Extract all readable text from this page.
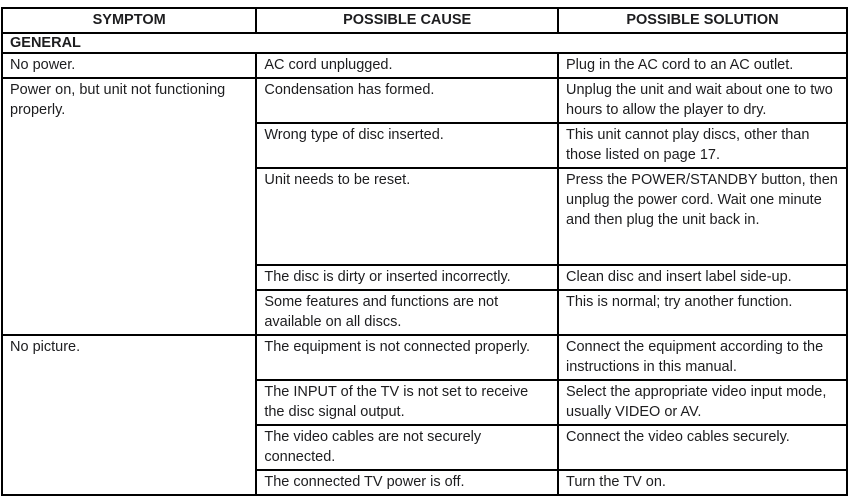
SYMPTOM	POSSIBLE CAUSE	POSSIBLE SOLUTION
GENERAL		
No power.	AC cord unplugged.	Plug in the AC cord to an AC outlet.
Power on, but unit not functioning properly.	Condensation has formed.	Unplug the unit and wait about one to two hours to allow the player to dry.
	Wrong type of disc inserted.	This unit cannot play discs, other than those listed on page 17.
	Unit needs to be reset.	Press the POWER/STANDBY button, then unplug the power cord. Wait one minute and then plug the unit back in.
	The disc is dirty or inserted incorrectly.	Clean disc and insert label side-up.
	Some features and functions are not available on all discs.	This is normal; try another function.
No picture.	The equipment is not connected properly.	Connect the equipment according to the instructions in this manual.
	The INPUT of the TV is not set to receive the disc signal output.	Select the appropriate video input mode, usually VIDEO or AV.
	The video cables are not securely connected.	Connect the video cables securely.
	The connected TV power is off.	Turn the TV on.
